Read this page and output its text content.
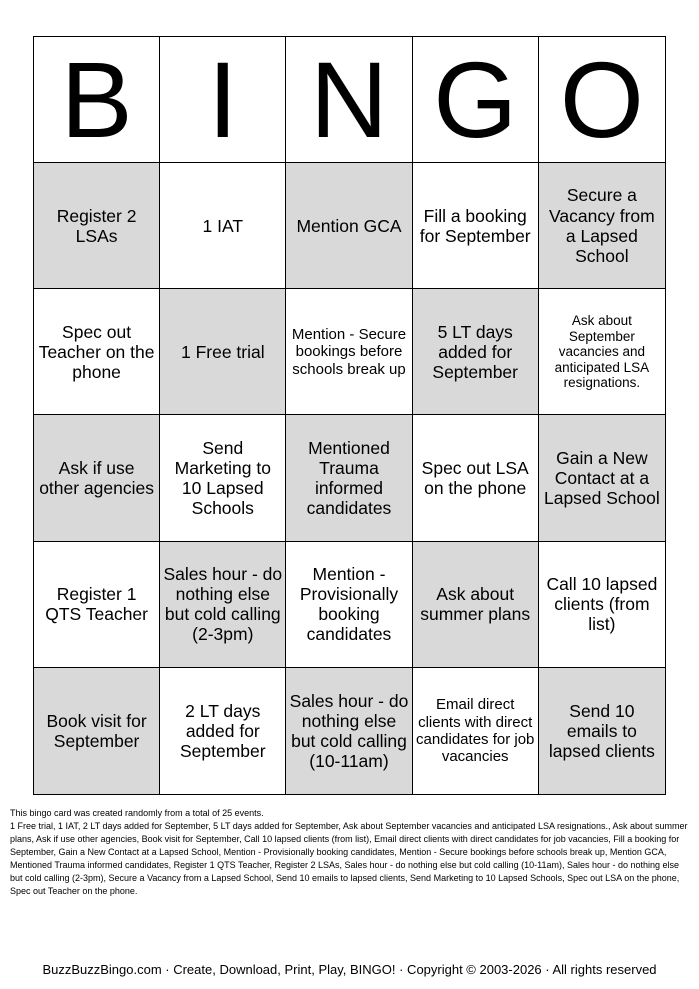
B I N G O
Register 2 LSAs
1 IAT	Mention GCA
Fill a booking for September
Secure a Vacancy from a Lapsed School
Spec out Teacher on the phone
1 Free trial
Mention - Secure bookings before schools break up
5 LT days added for September
Ask about September vacancies and anticipated LSA resignations.
Ask if use other agencies
Send Marketing to 10 Lapsed Schools
Mentioned Trauma informed candidates
Spec out LSA on the phone
Gain a New Contact at a Lapsed School
Register 1 QTS Teacher
Sales hour - do nothing else but cold calling (2-3pm)
Mention - Provisionally booking candidates
Ask about summer plans
Call 10 lapsed clients (from list)
Book visit for September
2 LT days added for September
Sales hour - do nothing else but cold calling (10-11am)
Email direct clients with direct candidates for job vacancies
Send 10 emails to lapsed clients

This bingo card was created randomly from a total of 25 events.

1 Free trial, 1 IAT, 2 LT days added for September, 5 LT days added for September, Ask about September vacancies and anticipated LSA resignations., Ask about summer plans, Ask if use other agencies, Book visit for September, Call 10 lapsed clients (from list), Email direct clients with direct candidates for job vacancies, Fill a booking for September, Gain a New Contact at a Lapsed School, Mention - Provisionally booking candidates, Mention - Secure bookings before schools break up, Mention GCA, Mentioned Trauma informed candidates, Register 1 QTS Teacher, Register 2 LSAs, Sales hour - do nothing else but cold calling (10-11am), Sales hour - do nothing else but cold calling (2-3pm), Secure a Vacancy from a Lapsed School, Send 10 emails to lapsed clients, Send Marketing to 10 Lapsed Schools, Spec out LSA on the phone, Spec out Teacher on the phone.

BuzzBuzzBingo.com · Create, Download, Print, Play, BINGO! · Copyright © 2003-2026 · All rights reserved
